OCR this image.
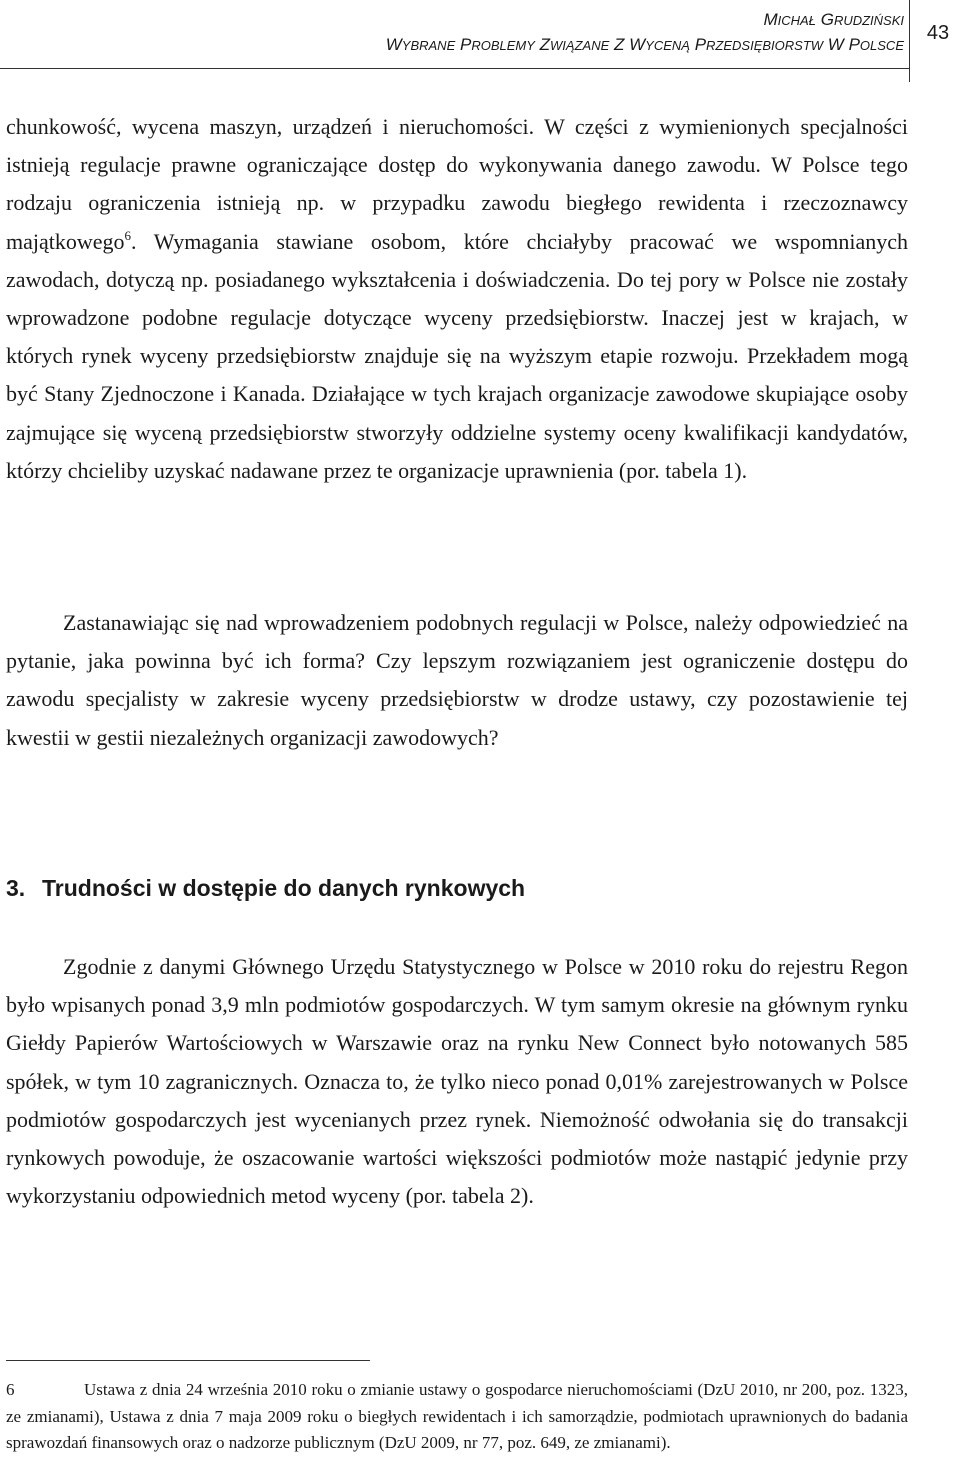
MICHAŁ GRUDZIŃSKI
WYBRANE PROBLEMY ZWIĄZANE Z WYCENĄ PRZEDSIĘBIORSTW W POLSCE
43

chunkowość, wycena maszyn, urządzeń i nieruchomości. W części z wymienionych specjalności istnieją regulacje prawne ograniczające dostęp do wykonywania danego zawodu. W Polsce tego rodzaju ograniczenia istnieją np. w przypadku zawodu biegłego rewidenta i rzeczoznawcy majątkowego$^6$. Wymagania stawiane osobom, które chciałyby pracować we wspomnianych zawodach, dotyczą np. posiadanego wykształcenia i doświadczenia. Do tej pory w Polsce nie zostały wprowadzone podobne regulacje dotyczące wyceny przedsiębiorstw. Inaczej jest w krajach, w których rynek wyceny przedsiębiorstw znajduje się na wyższym etapie rozwoju. Przekładem mogą być Stany Zjednoczone i Kanada. Działające w tych krajach organizacje zawodowe skupiające osoby zajmujące się wyceną przedsiębiorstw stworzyły oddzielne systemy oceny kwalifikacji kandydatów, którzy chcieliby uzyskać nadawane przez te organizacje uprawnienia (por. tabela 1).

Zastanawiając się nad wprowadzeniem podobnych regulacji w Polsce, należy odpowiedzieć na pytanie, jaka powinna być ich forma? Czy lepszym rozwiązaniem jest ograniczenie dostępu do zawodu specjalisty w zakresie wyceny przedsiębiorstw w drodze ustawy, czy pozostawienie tej kwestii w gestii niezależnych organizacji zawodowych?

3. Trudności w dostępie do danych rynkowych

Zgodnie z danymi Głównego Urzędu Statystycznego w Polsce w 2010 roku do rejestru Regon było wpisanych ponad 3,9 mln podmiotów gospodarczych. W tym samym okresie na głównym rynku Giełdy Papierów Wartościowych w Warszawie oraz na rynku New Connect było notowanych 585 spółek, w tym 10 zagranicznych. Oznacza to, że tylko nieco ponad 0,01% zarejestrowanych w Polsce podmiotów gospodarczych jest wycenianych przez rynek. Niemożność odwołania się do transakcji rynkowych powoduje, że oszacowanie wartości większości podmiotów może nastąpić jedynie przy wykorzystaniu odpowiednich metod wyceny (por. tabela 2).

6	Ustawa z dnia 24 września 2010 roku o zmianie ustawy o gospodarce nieruchomościami (DzU 2010, nr 200, poz. 1323, ze zmianami), Ustawa z dnia 7 maja 2009 roku o biegłych rewidentach i ich samorządzie, podmiotach uprawnionych do badania sprawozdań finansowych oraz o nadzorze publicznym (DzU 2009, nr 77, poz. 649, ze zmianami).
